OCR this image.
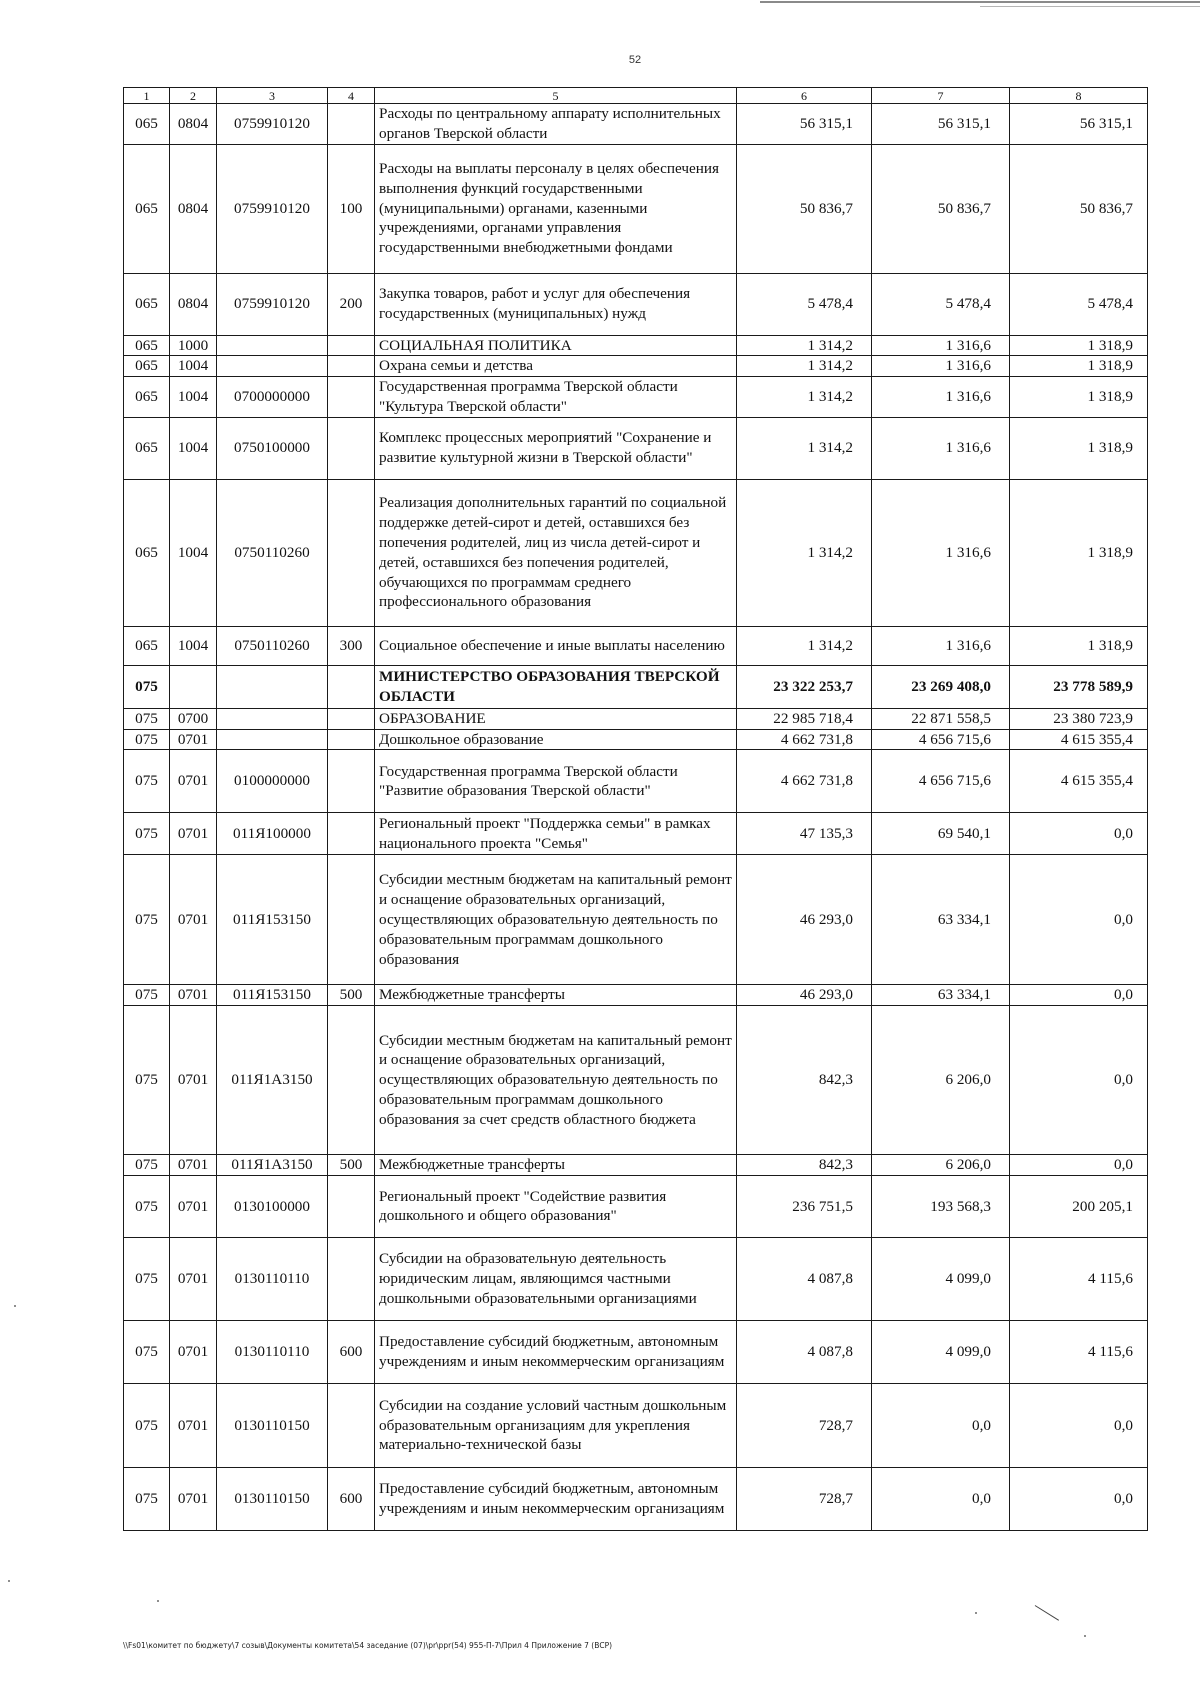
52
1	2	3	4	5	6	7	8
065	0804	0759910120		Расходы по центральному аппарату исполнительных органов Тверской области	56 315,1	56 315,1	56 315,1
065	0804	0759910120	100	Расходы на выплаты персоналу в целях обеспечения выполнения функций государственными (муниципальными) органами, казенными учреждениями, органами управления государственными внебюджетными фондами	50 836,7	50 836,7	50 836,7
065	0804	0759910120	200	Закупка товаров, работ и услуг для обеспечения государственных (муниципальных) нужд	5 478,4	5 478,4	5 478,4
065	1000			СОЦИАЛЬНАЯ ПОЛИТИКА	1 314,2	1 316,6	1 318,9
065	1004			Охрана семьи и детства	1 314,2	1 316,6	1 318,9
065	1004	0700000000		Государственная программа Тверской области "Культура Тверской области"	1 314,2	1 316,6	1 318,9
065	1004	0750100000		Комплекс процессных мероприятий "Сохранение и развитие культурной жизни в Тверской области"	1 314,2	1 316,6	1 318,9
065	1004	0750110260		Реализация дополнительных гарантий по социальной поддержке детей-сирот и детей, оставшихся без попечения родителей, лиц из числа детей-сирот и детей, оставшихся без попечения родителей, обучающихся по программам среднего профессионального образования	1 314,2	1 316,6	1 318,9
065	1004	0750110260	300	Социальное обеспечение и иные выплаты населению	1 314,2	1 316,6	1 318,9
075				МИНИСТЕРСТВО ОБРАЗОВАНИЯ ТВЕРСКОЙ ОБЛАСТИ	23 322 253,7	23 269 408,0	23 778 589,9
075	0700			ОБРАЗОВАНИЕ	22 985 718,4	22 871 558,5	23 380 723,9
075	0701			Дошкольное образование	4 662 731,8	4 656 715,6	4 615 355,4
075	0701	0100000000		Государственная программа Тверской области "Развитие образования Тверской области"	4 662 731,8	4 656 715,6	4 615 355,4
075	0701	011Я100000		Региональный проект "Поддержка семьи" в рамках национального проекта "Семья"	47 135,3	69 540,1	0,0
075	0701	011Я153150		Субсидии местным бюджетам на капитальный ремонт и оснащение образовательных организаций, осуществляющих образовательную деятельность по образовательным программам дошкольного образования	46 293,0	63 334,1	0,0
075	0701	011Я153150	500	Межбюджетные трансферты	46 293,0	63 334,1	0,0
075	0701	011Я1А3150		Субсидии местным бюджетам на капитальный ремонт и оснащение образовательных организаций, осуществляющих образовательную деятельность по образовательным программам дошкольного образования за счет средств областного бюджета	842,3	6 206,0	0,0
075	0701	011Я1А3150	500	Межбюджетные трансферты	842,3	6 206,0	0,0
075	0701	0130100000		Региональный проект "Содействие развития дошкольного и общего образования"	236 751,5	193 568,3	200 205,1
075	0701	0130110110		Субсидии на образовательную деятельность юридическим лицам, являющимся частными дошкольными образовательными организациями	4 087,8	4 099,0	4 115,6
075	0701	0130110110	600	Предоставление субсидий бюджетным, автономным учреждениям и иным некоммерческим организациям	4 087,8	4 099,0	4 115,6
075	0701	0130110150		Субсидии на создание условий частным дошкольным образовательным организациям для укрепления материально-технической базы	728,7	0,0	0,0
075	0701	0130110150	600	Предоставление субсидий бюджетным, автономным учреждениям и иным некоммерческим организациям	728,7	0,0	0,0
\\Fs01\комитет по бюджету\7 созыв\Документы комитета\54 заседание (07)\pr\ppr(54) 955-П-7\Прил 4 Приложение 7 (ВСР)
